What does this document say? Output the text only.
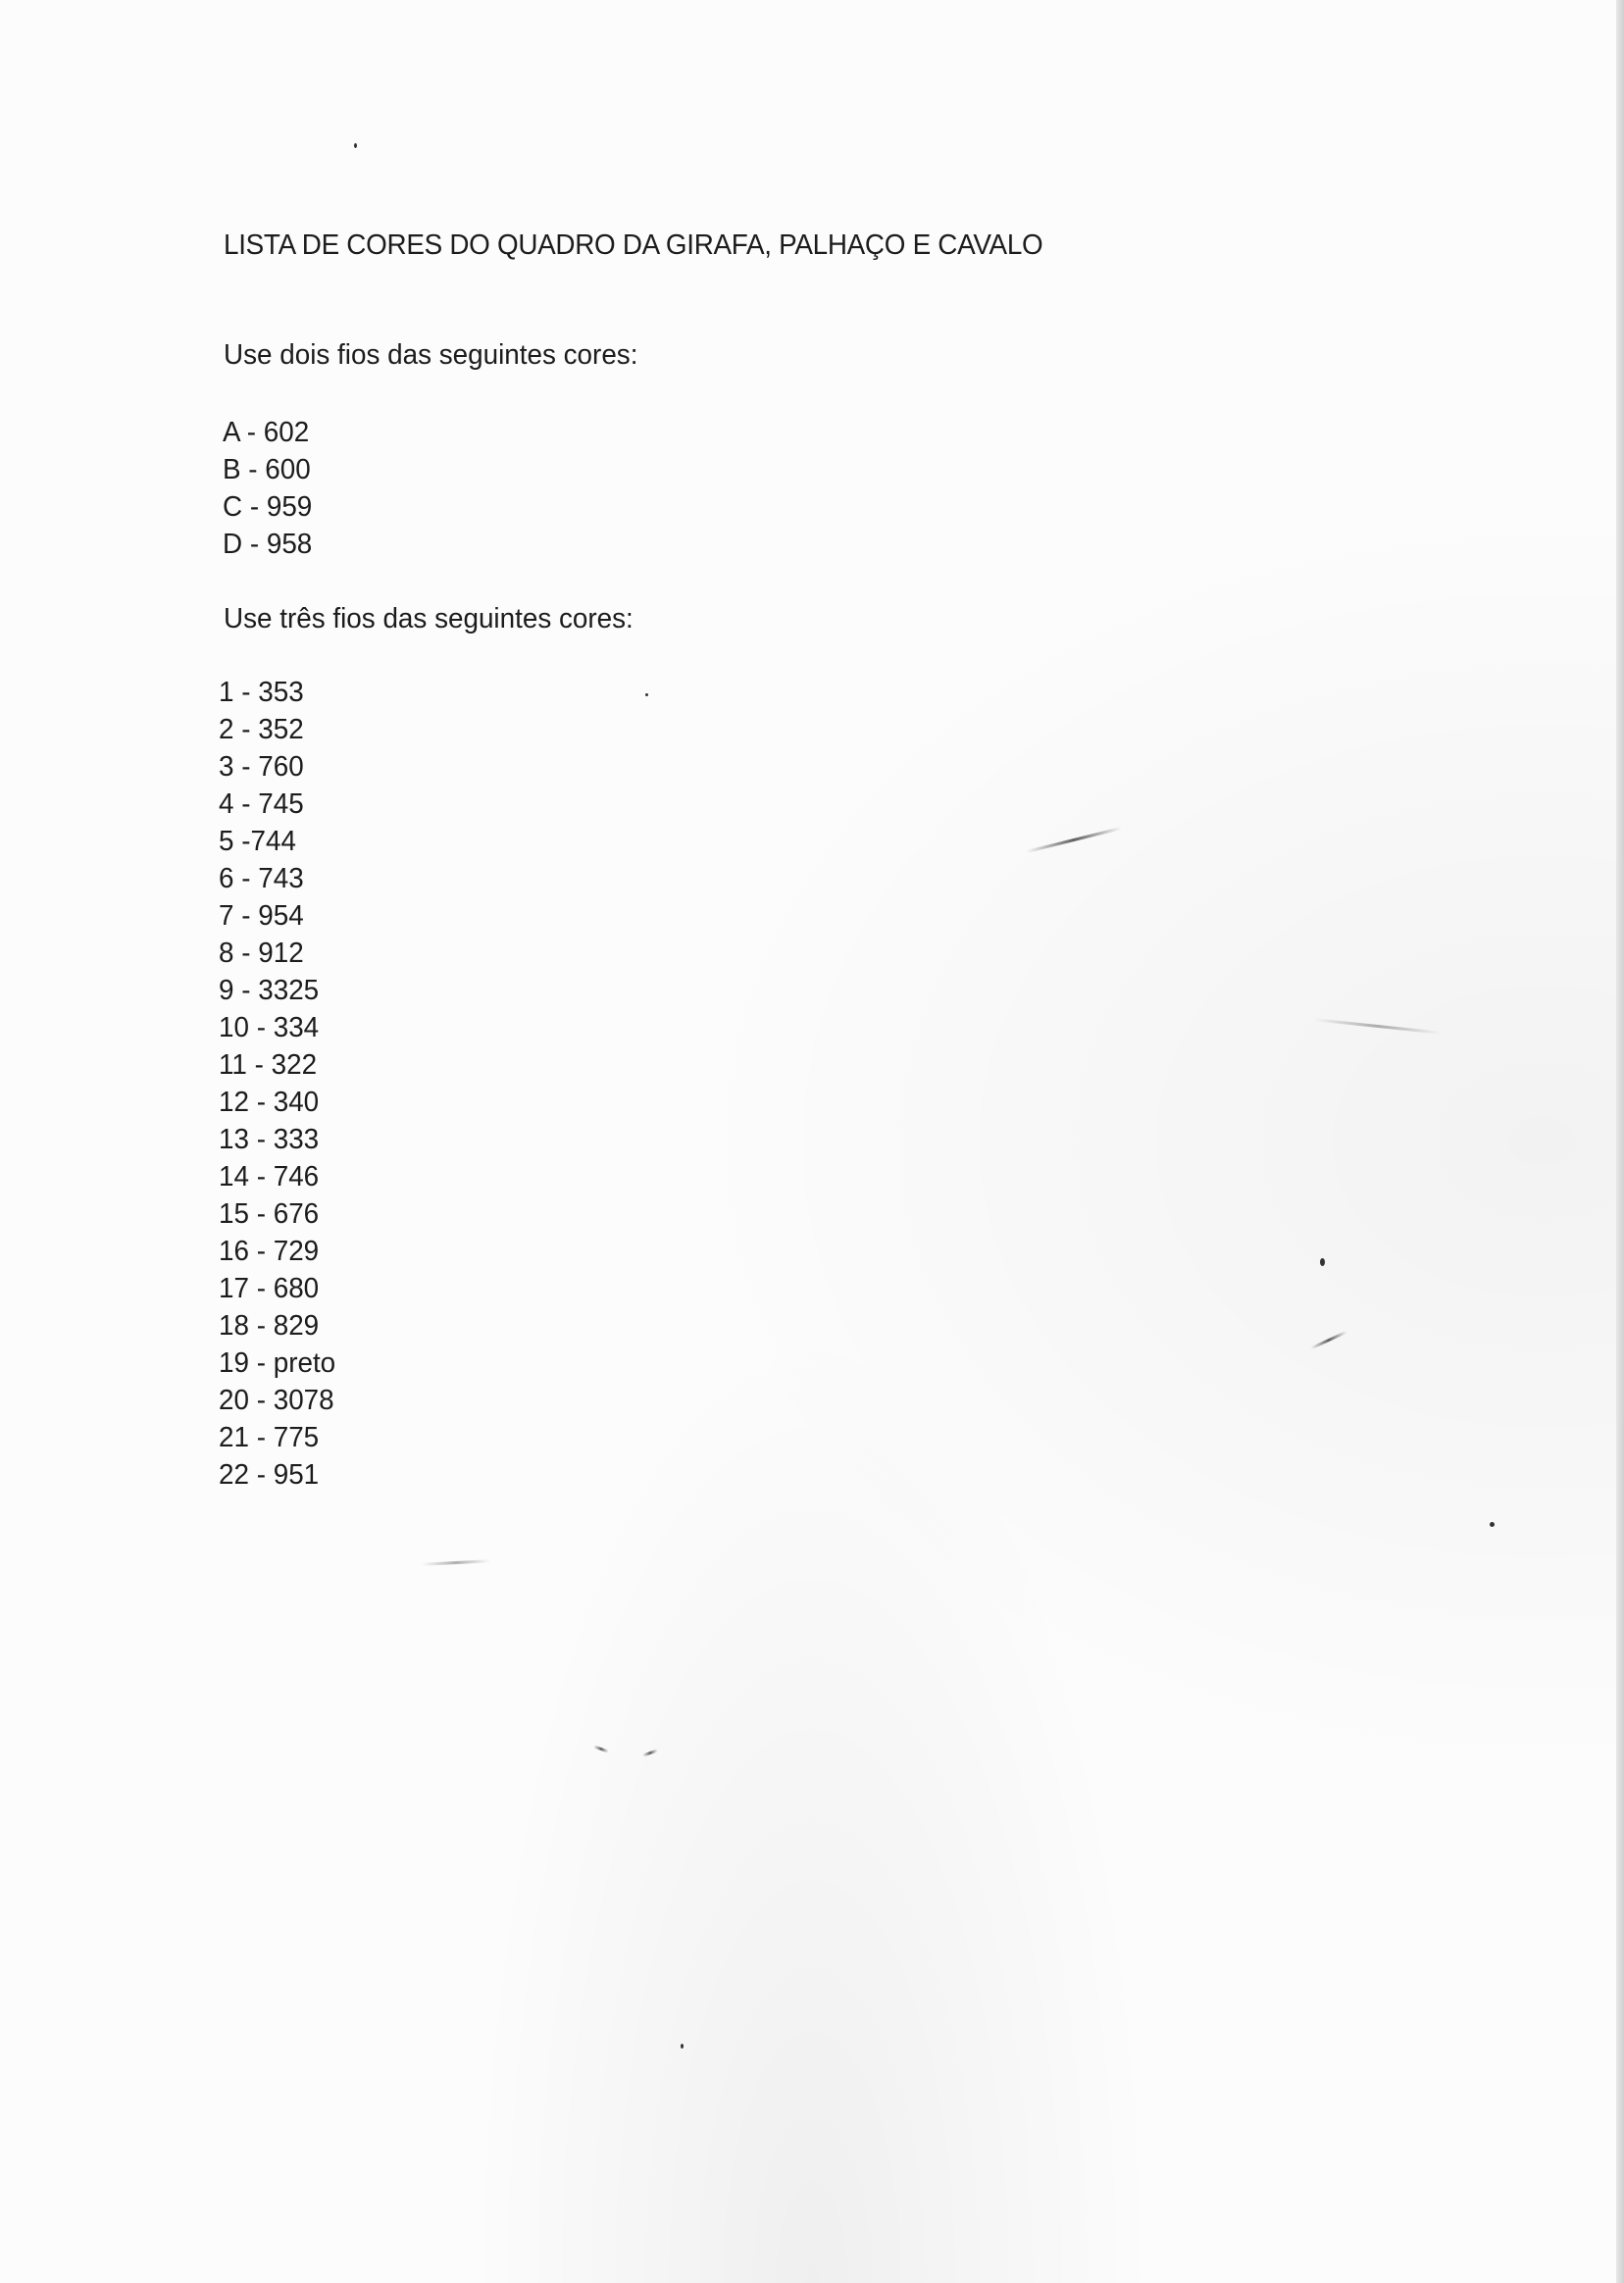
LISTA DE CORES DO QUADRO DA GIRAFA, PALHAÇO E CAVALO
Use dois fios das seguintes cores:
A - 602
B - 600
C - 959
D - 958
Use três fios das seguintes cores:
1 - 353
2 - 352
3 - 760
4 - 745
5 -744
6 - 743
7 - 954
8 - 912
9 - 3325
10 - 334
11 - 322
12 - 340
13 - 333
14 - 746
15 - 676
16 - 729
17 - 680
18 - 829
19 - preto
20 - 3078
21 - 775
22 - 951
